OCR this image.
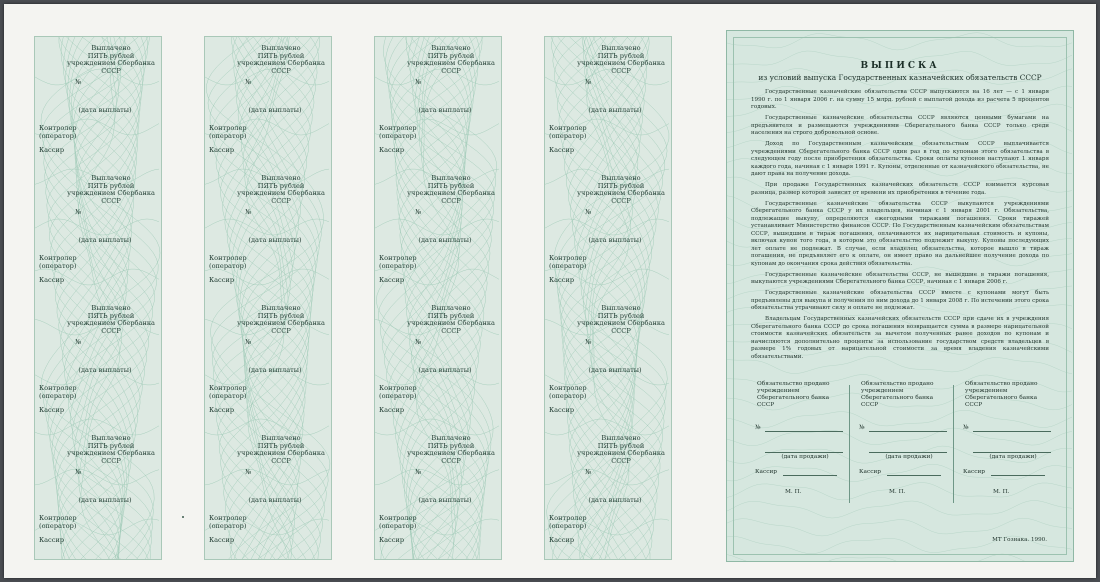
Выплачено
ПЯТЬ рублей
учреждением Сбербанка СССР
№
(дата выплаты)
Контролер
(оператор)
Кассир
Выплачено
ПЯТЬ рублей
учреждением Сбербанка СССР
№
(дата выплаты)
Контролер
(оператор)
Кассир
Выплачено
ПЯТЬ рублей
учреждением Сбербанка СССР
№
(дата выплаты)
Контролер
(оператор)
Кассир
Выплачено
ПЯТЬ рублей
учреждением Сбербанка СССР
№
(дата выплаты)
Контролер
(оператор)
Кассир
Выплачено
ПЯТЬ рублей
учреждением Сбербанка СССР
№
(дата выплаты)
Контролер
(оператор)
Кассир
Выплачено
ПЯТЬ рублей
учреждением Сбербанка СССР
№
(дата выплаты)
Контролер
(оператор)
Кассир
Выплачено
ПЯТЬ рублей
учреждением Сбербанка СССР
№
(дата выплаты)
Контролер
(оператор)
Кассир
Выплачено
ПЯТЬ рублей
учреждением Сбербанка СССР
№
(дата выплаты)
Контролер
(оператор)
Кассир
Выплачено
ПЯТЬ рублей
учреждением Сбербанка СССР
№
(дата выплаты)
Контролер
(оператор)
Кассир
Выплачено
ПЯТЬ рублей
учреждением Сбербанка СССР
№
(дата выплаты)
Контролер
(оператор)
Кассир
Выплачено
ПЯТЬ рублей
учреждением Сбербанка СССР
№
(дата выплаты)
Контролер
(оператор)
Кассир
Выплачено
ПЯТЬ рублей
учреждением Сбербанка СССР
№
(дата выплаты)
Контролер
(оператор)
Кассир
Выплачено
ПЯТЬ рублей
учреждением Сбербанка СССР
№
(дата выплаты)
Контролер
(оператор)
Кассир
Выплачено
ПЯТЬ рублей
учреждением Сбербанка СССР
№
(дата выплаты)
Контролер
(оператор)
Кассир
Выплачено
ПЯТЬ рублей
учреждением Сбербанка СССР
№
(дата выплаты)
Контролер
(оператор)
Кассир
Выплачено
ПЯТЬ рублей
учреждением Сбербанка СССР
№
(дата выплаты)
Контролер
(оператор)
Кассир
ВЫПИСКА
из условий выпуска Государственных казначейских обязательств СССР

Государственные казначейские обязательства СССР выпускаются на 16 лет — с 1 января 1990 г. по 1 января 2006 г. на сумму 15 млрд. рублей с выплатой дохода из расчета 5 процентов годовых.

Государственные казначейские обязательства СССР являются ценными бумагами на предъявителя и размещаются учреждениями Сберегательного банка СССР только среди населения на строго добровольной основе.

Доход по Государственным казначейским обязательствам СССР выплачивается учреждениями Сберегательного банка СССР один раз в год по купонам этого обязательства в следующем году после приобретения обязательства. Сроки оплаты купонов наступают 1 января каждого года, начиная с 1 января 1991 г. Купоны, отделенные от казначейского обязательства, не дают права на получение дохода.

При продаже Государственных казначейских обязательств СССР взимается курсовая разница, размер которой зависит от времени их приобретения в течение года.

Государственные казначейские обязательства СССР выкупаются учреждениями Сберегательного банка СССР у их владельцев, начиная с 1 января 2001 г. Обязательства, подлежащие выкупу, определяются ежегодными тиражами погашения. Сроки тиражей устанавливает Министерство финансов СССР. По Государственным казначейским обязательствам СССР, вышедшим в тираж погашения, оплачиваются их нарицательная стоимость и купоны, включая купон того года, в котором это обязательство подлежит выкупу. Купоны последующих лет оплате не подлежат. В случае, если владелец обязательства, которое вышло в тираж погашения, не предъявляет его к оплате, он имеет право на дальнейшее получение дохода по купонам до окончания срока действия обязательства.

Государственные казначейские обязательства СССР, не вышедшие в тиражи погашения, выкупаются учреждениями Сберегательного банка СССР, начиная с 1 января 2006 г.

Государственные казначейские обязательства СССР вместе с купонами могут быть предъявлены для выкупа и получения по ним дохода до 1 января 2008 г. По истечении этого срока обязательства утрачивают силу и оплате не подлежат.

Владельцам Государственных казначейских обязательств СССР при сдаче их в учреждения Сберегательного банка СССР до срока погашения возвращается сумма в размере нарицательной стоимости казначейских обязательств за вычетом полученных ранее доходов по купонам и начисляются дополнительно проценты за использование государством средств владельцев в размере 1% годовых от нарицательной стоимости за время владения казначейскими обязательствами.

Обязательство продано учреждением Сберегательного банка СССР
№
(дата продажи)
Кассир
М. П.
Обязательство продано учреждением Сберегательного банка СССР
№
(дата продажи)
Кассир
М. П.
Обязательство продано учреждением Сберегательного банка СССР
№
(дата продажи)
Кассир
М. П.
МТ Гознака. 1990.
